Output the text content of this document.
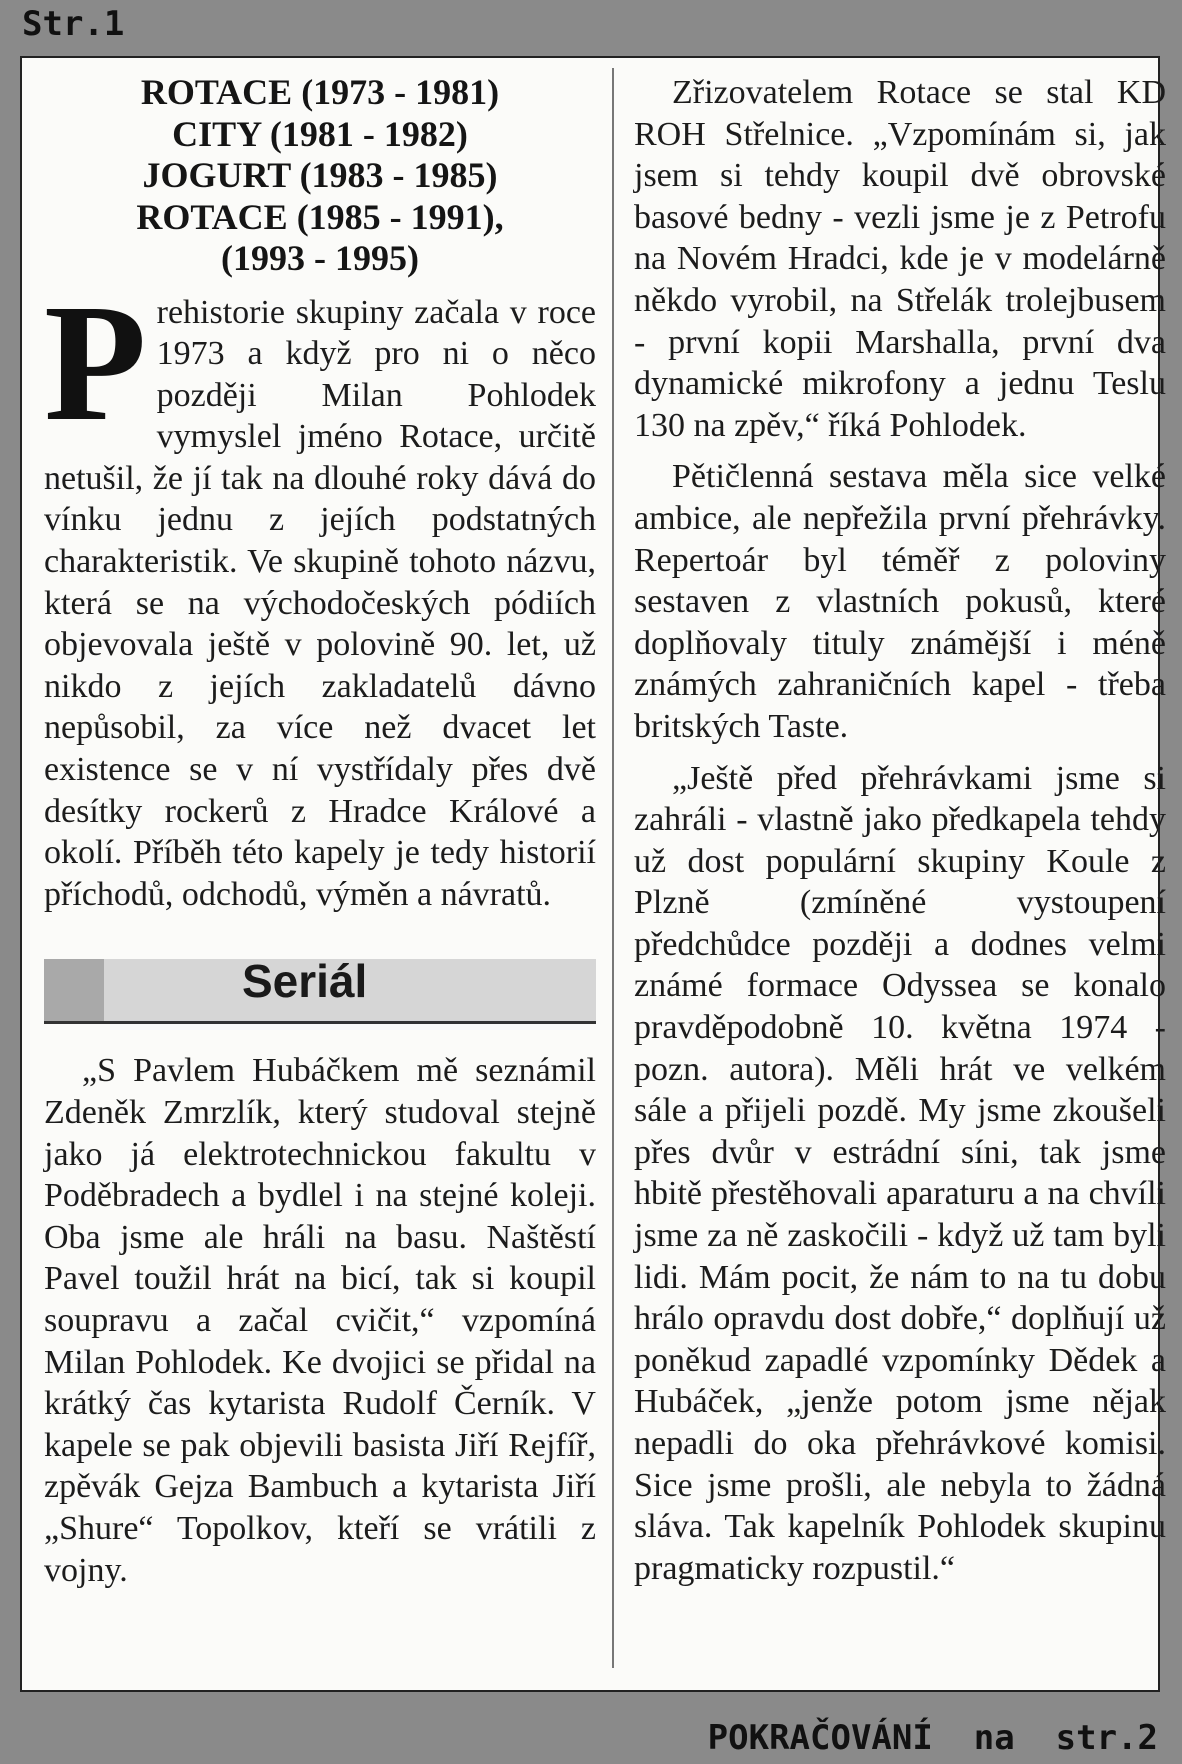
Str.1
ROTACE (1973 - 1981)
CITY (1981 - 1982)
JOGURT (1983 - 1985)
ROTACE (1985 - 1991),
(1993 - 1995)

Prehistorie skupiny začala v roce 1973 a když pro ni o něco později Milan Pohlodek vymyslel jméno Rotace, určitě netušil, že jí tak na dlouhé roky dává do vínku jednu z jejích podstatných charakteristik. Ve skupině tohoto názvu, která se na východočeských pódiích objevovala ještě v polovině 90. let, už nikdo z jejích zakladatelů dávno nepůsobil, za více než dvacet let existence se v ní vystřídaly přes dvě desítky rockerů z Hradce Králové a okolí. Příběh této kapely je tedy historií příchodů, odchodů, výměn a návratů.

Seriál

„S Pavlem Hubáčkem mě seznámil Zdeněk Zmrzlík, který studoval stejně jako já elektrotechnickou fakultu v Poděbradech a bydlel i na stejné koleji. Oba jsme ale hráli na basu. Naštěstí Pavel toužil hrát na bicí, tak si koupil soupravu a začal cvičit,“ vzpomíná Milan Pohlodek. Ke dvojici se přidal na krátký čas kytarista Rudolf Černík. V kapele se pak objevili basista Jiří Rejfíř, zpěvák Gejza Bambuch a kytarista Jiří „Shure“ Topolkov, kteří se vrátili z vojny.

Zřizovatelem Rotace se stal KD ROH Střelnice. „Vzpomínám si, jak jsem si tehdy koupil dvě obrovské basové bedny - vezli jsme je z Petrofu na Novém Hradci, kde je v modelárně někdo vyrobil, na Střelák trolejbusem - první kopii Marshalla, první dva dynamické mikrofony a jednu Teslu 130 na zpěv,“ říká Pohlodek.

Pětičlenná sestava měla sice velké ambice, ale nepřežila první přehrávky. Repertoár byl téměř z poloviny sestaven z vlastních pokusů, které doplňovaly tituly známější i méně známých zahraničních kapel - třeba britských Taste.

„Ještě před přehrávkami jsme si zahráli - vlastně jako předkapela tehdy už dost populární skupiny Koule z Plzně (zmíněné vystoupení předchůdce později a dodnes velmi známé formace Odyssea se konalo pravděpodobně 10. května 1974 - pozn. autora). Měli hrát ve velkém sále a přijeli pozdě. My jsme zkoušeli přes dvůr v estrádní síni, tak jsme hbitě přestěhovali aparaturu a na chvíli jsme za ně zaskočili - když už tam byli lidi. Mám pocit, že nám to na tu dobu hrálo opravdu dost dobře,“ doplňují už poněkud zapadlé vzpomínky Dědek a Hubáček, „jenže potom jsme nějak nepadli do oka přehrávkové komisi. Sice jsme prošli, ale nebyla to žádná sláva. Tak kapelník Pohlodek skupinu pragmaticky rozpustil.“

POKRAČOVÁNÍ  na  str.2
